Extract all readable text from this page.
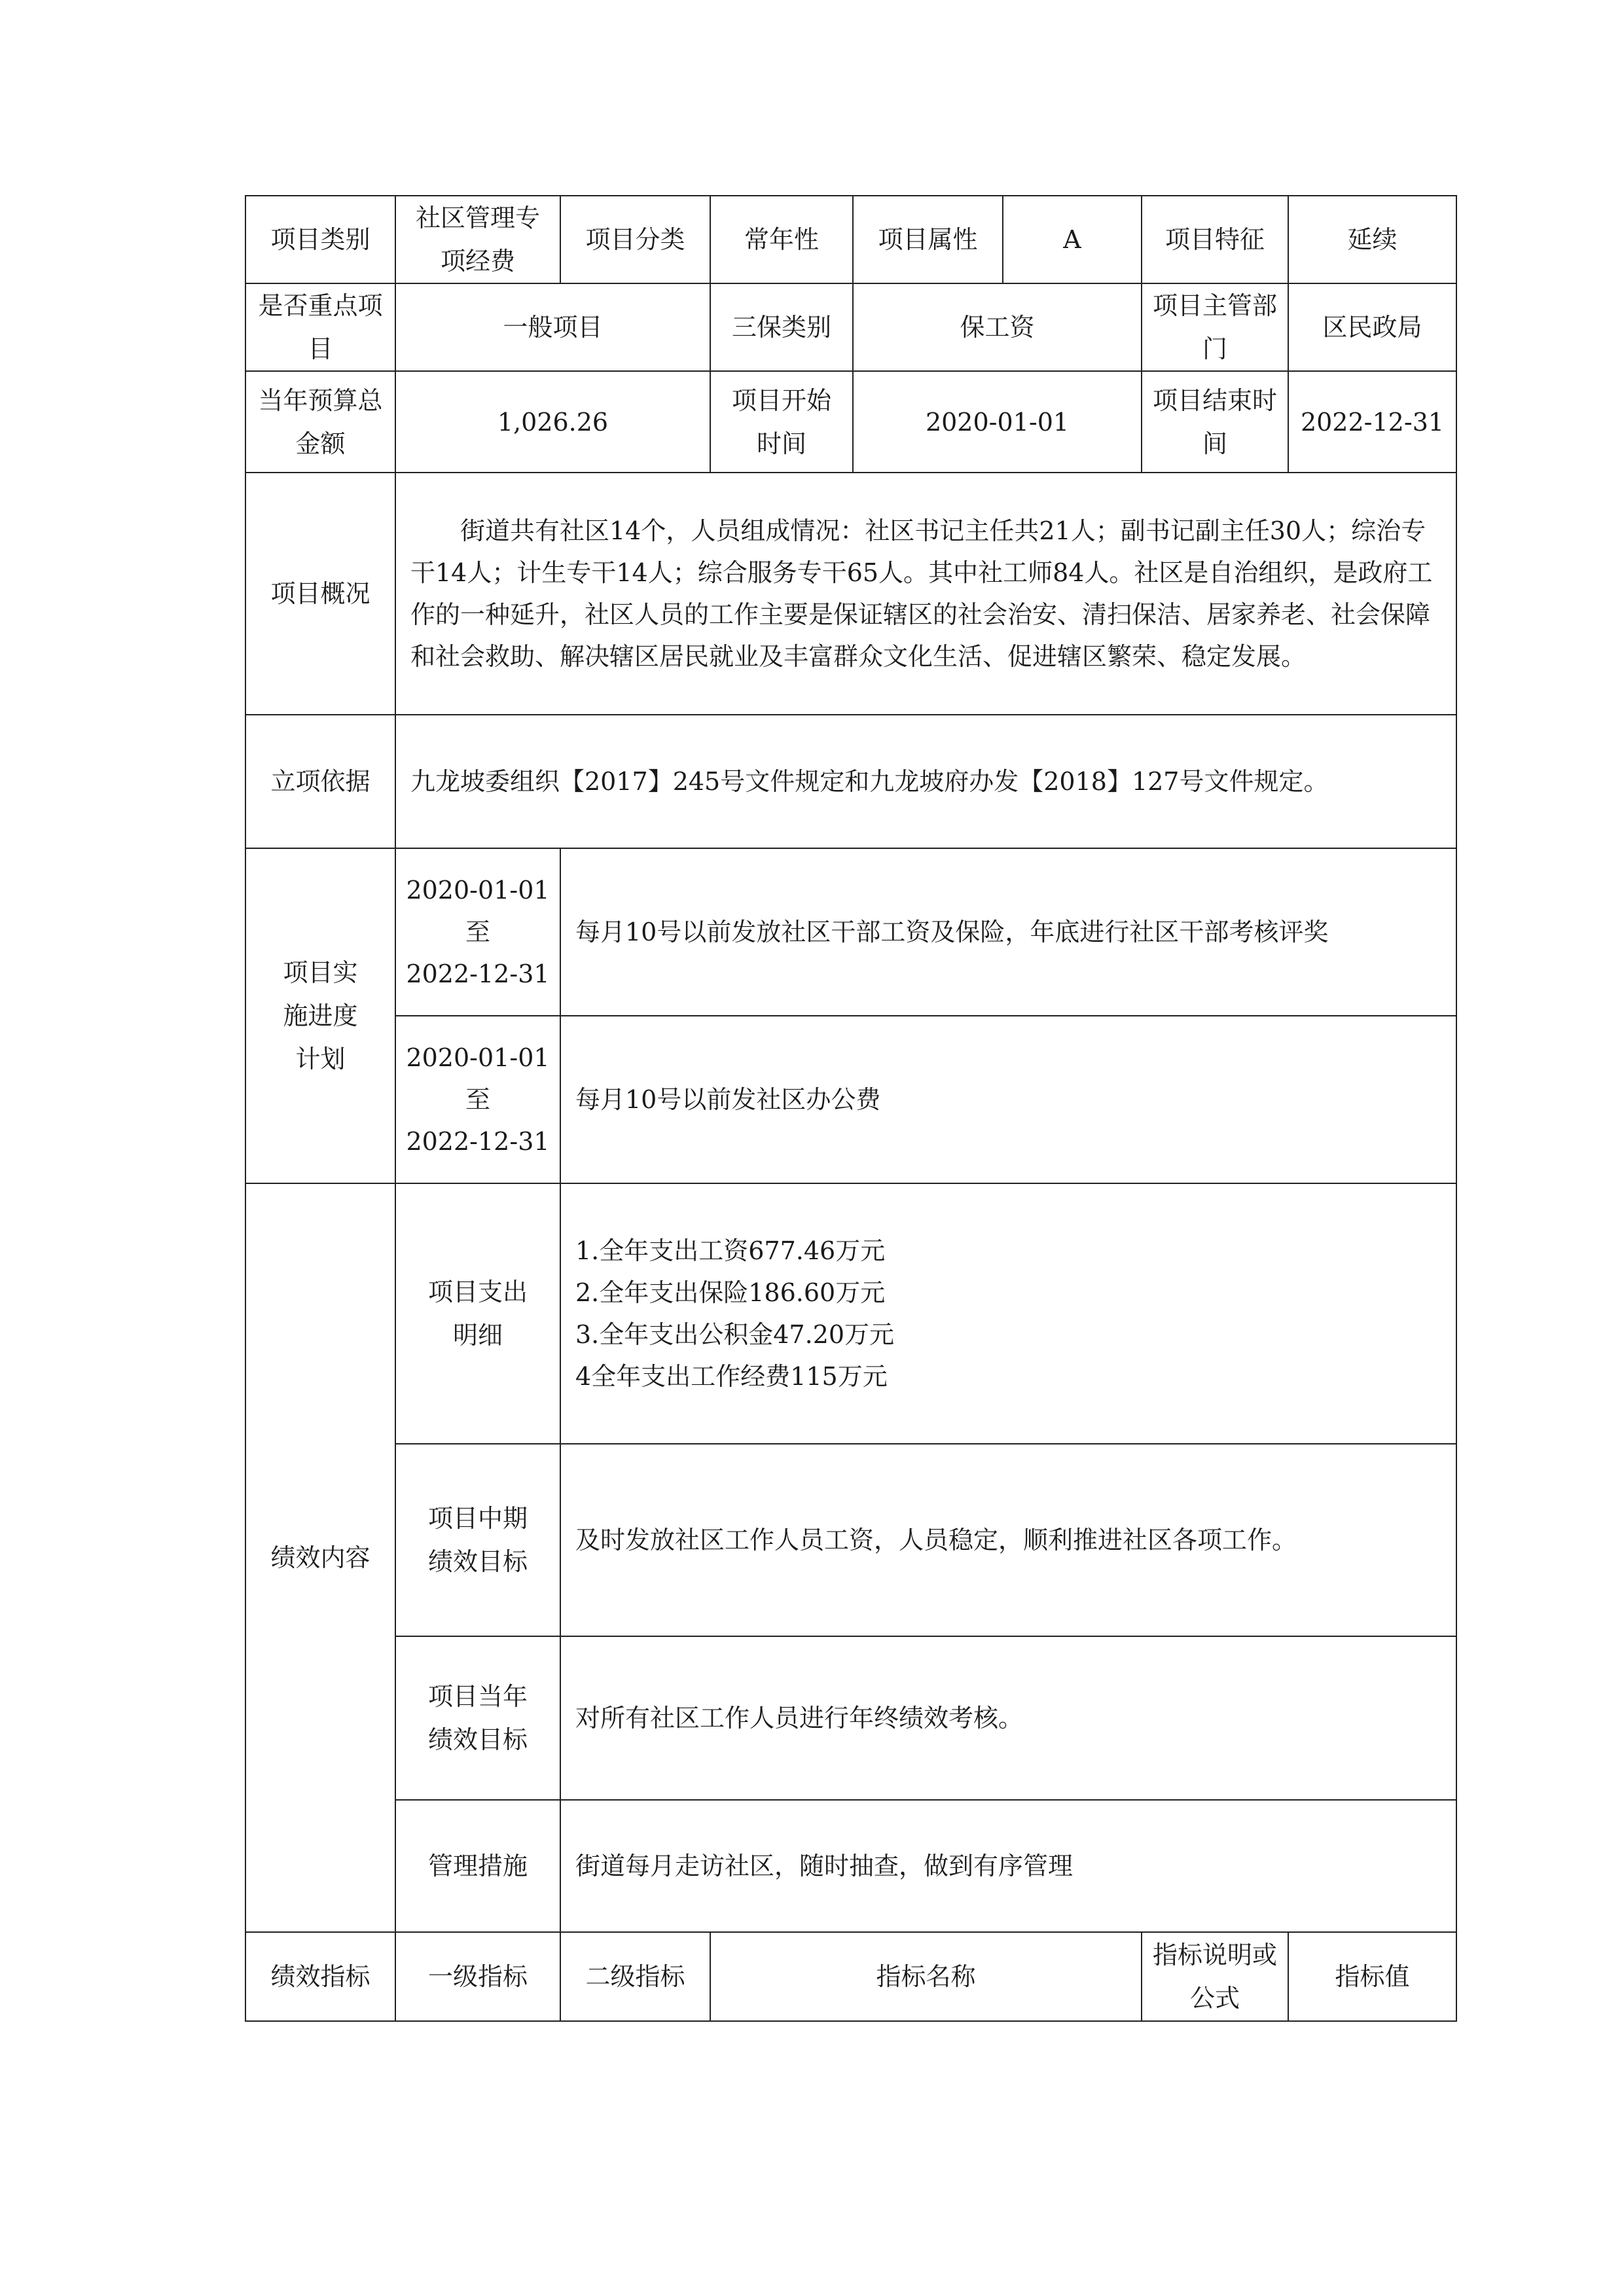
项目类别	社区管理专项经费	项目分类	常年性	项目属性	A	项目特征	延续
是否重点项目	一般项目		三保类别	保工资		项目主管部门	区民政局
当年预算总金额	1,026.26		项目开始时间	2020-01-01		项目结束时间	2022-12-31
项目概况	街道共有社区14个，人员组成情况：社区书记主任共21人；副书记副主任30人；综治专干14人；计生专干14人；综合服务专干65人。其中社工师84人。社区是自治组织，是政府工作的一种延升，社区人员的工作主要是保证辖区的社会治安、清扫保洁、居家养老、社会保障和社会救助、解决辖区居民就业及丰富群众文化生活、促进辖区繁荣、稳定发展。						
立项依据	九龙坡委组织【2017】245号文件规定和九龙坡府办发【2018】127号文件规定。						
项目实施进度计划	2020-01-01
至
2022-12-31	每月10号以前发放社区干部工资及保险，年底进行社区干部考核评奖					

	2020-01-01
至
2022-12-31	每月10号以前发社区办公费					
绩效内容	项目支出明细	1.全年支出工资677.46万元
2.全年支出保险186.60万元
3.全年支出公积金47.20万元
4全年支出工作经费115万元					

	项目中期绩效目标	及时发放社区工作人员工资，人员稳定，顺利推进社区各项工作。					
	项目当年绩效目标	对所有社区工作人员进行年终绩效考核。					
	管理措施	街道每月走访社区，随时抽查，做到有序管理					
绩效指标	一级指标	二级指标	指标名称			指标说明或公式	指标值
